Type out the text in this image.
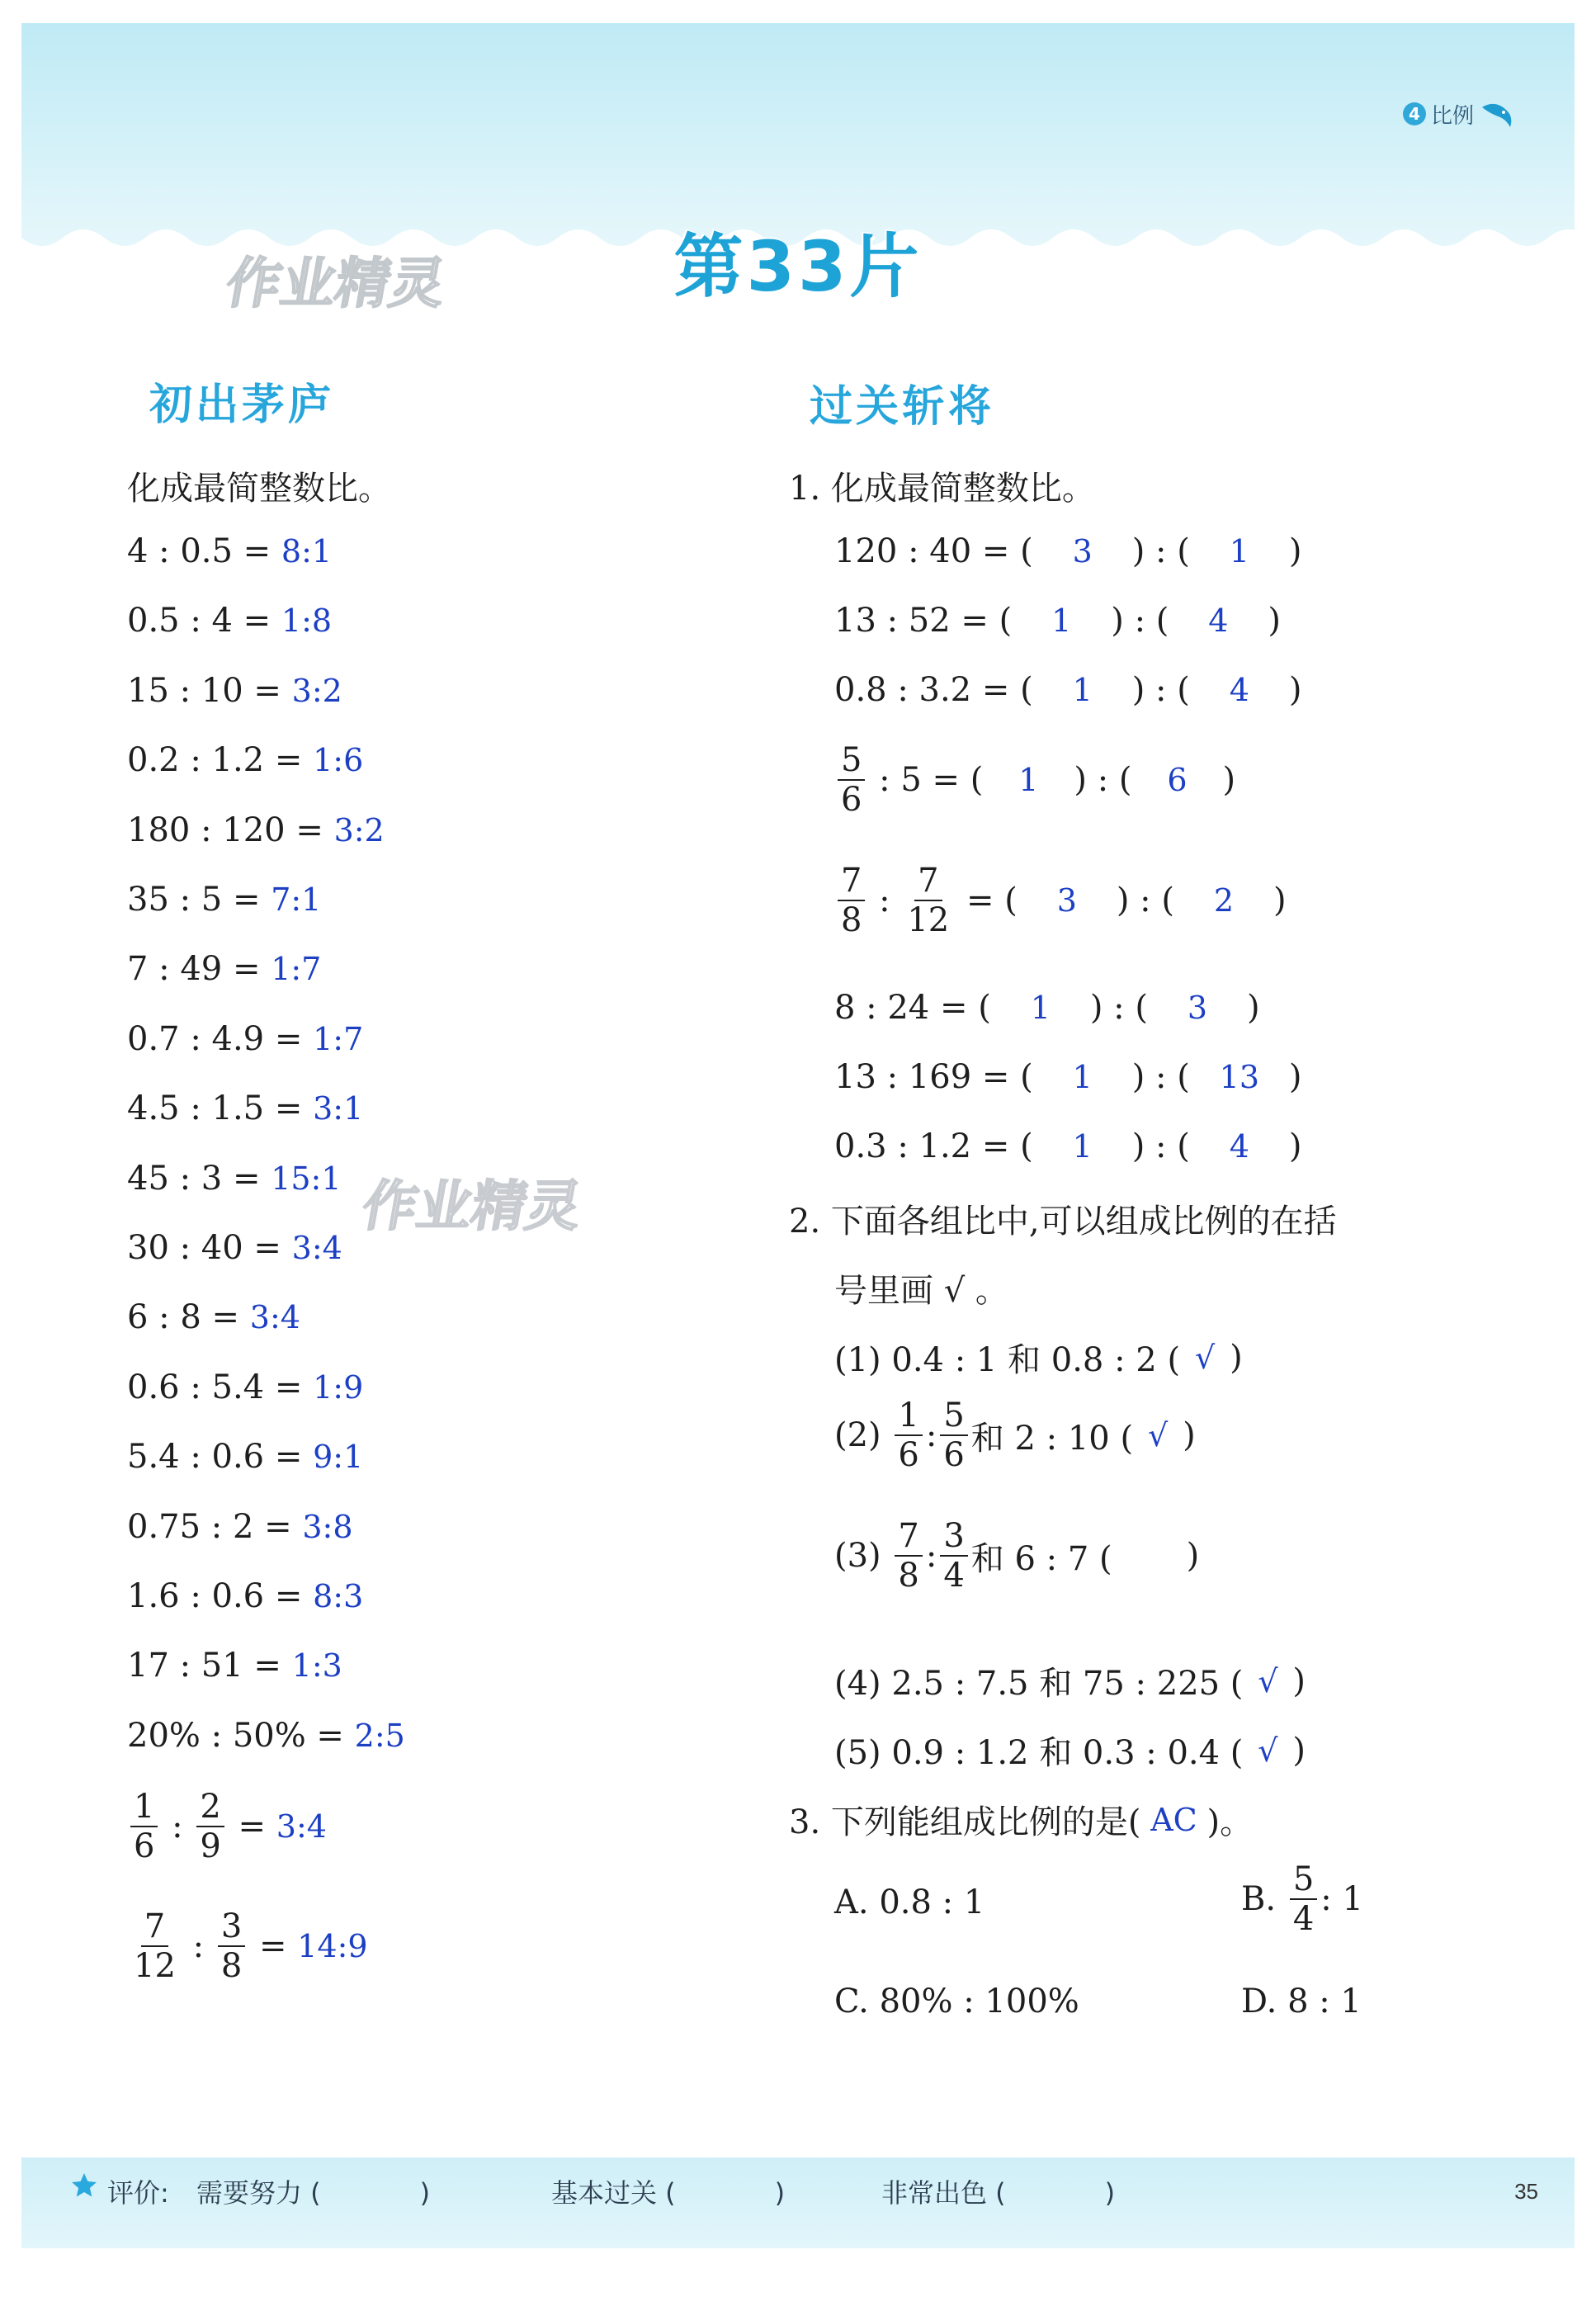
4 比例
作业精灵	第33片
初出茅庐
化成最简整数比。
4 : 0.5 =
8:1
0.5 : 4 =
1:8
15 : 10 =
3:2
0.2 : 1.2 =
1:6
180 : 120 =
3:2
35 : 5 =
7:1
7 : 49 =
1:7
0.7 : 4.9 =
1:7
4.5 : 1.5 =
3:1
45 : 3 =
15:1
30 : 40 =
3:4
6 : 8 =
3:4
0.6 : 5.4 =
1:9
5.4 : 0.6 =
9:1
0.75 : 2 =
3:8
1.6 : 0.6 =
8:3
17 : 51 =
1:3
20% : 50% =
2:5
$\frac{1}{6}$ : $\frac{2}{9}$ = 3:4
$\frac{7}{12}$ : $\frac{3}{8}$ = 14:9
作业精灵
过关斩将
1. 化成最简整数比。
120 : 40 = (	3	) : (	1	)
13 : 52 = (	1	) : (	4	)
0.8 : 3.2 = (	1	) : (	4	)
$\frac{5}{6}$
: 5 = (	1	) : (	6	)
$\frac{7}{8}$ : $\frac{7}{12}$ = (	3	) : (	2	)
8 : 24 = (	1	) : (	3	)
13 : 169 = (	1	) : ( 13 )
0.3 : 1.2 = (	1	) : (	4	)
2. 下面各组比中,可以组成比例的在括
号里画 √ 。
(1) 0.4 : 1 和 0.8 : 2 ( √ )
(2)
$\frac{1}{6}$ : $\frac{5}{6}$ 和 2 : 10 ( √ )
(3)
$\frac{7}{8}$ : $\frac{3}{4}$ 和 6 : 7 ( )
(4) 2.5 : 7.5 和 75 : 225 ( √ )
(5) 0.9 : 1.2 和 0.3 : 0.4 ( √ )
3. 下列能组成比例的是( AC )。
A. 0.8 : 1	B.
$\frac{5}{4}$ : 1
C. 80% : 100%	D. 8 : 1
评价: 需要努力 (	)	基本过关 (	)	非常出色 (	)	35
